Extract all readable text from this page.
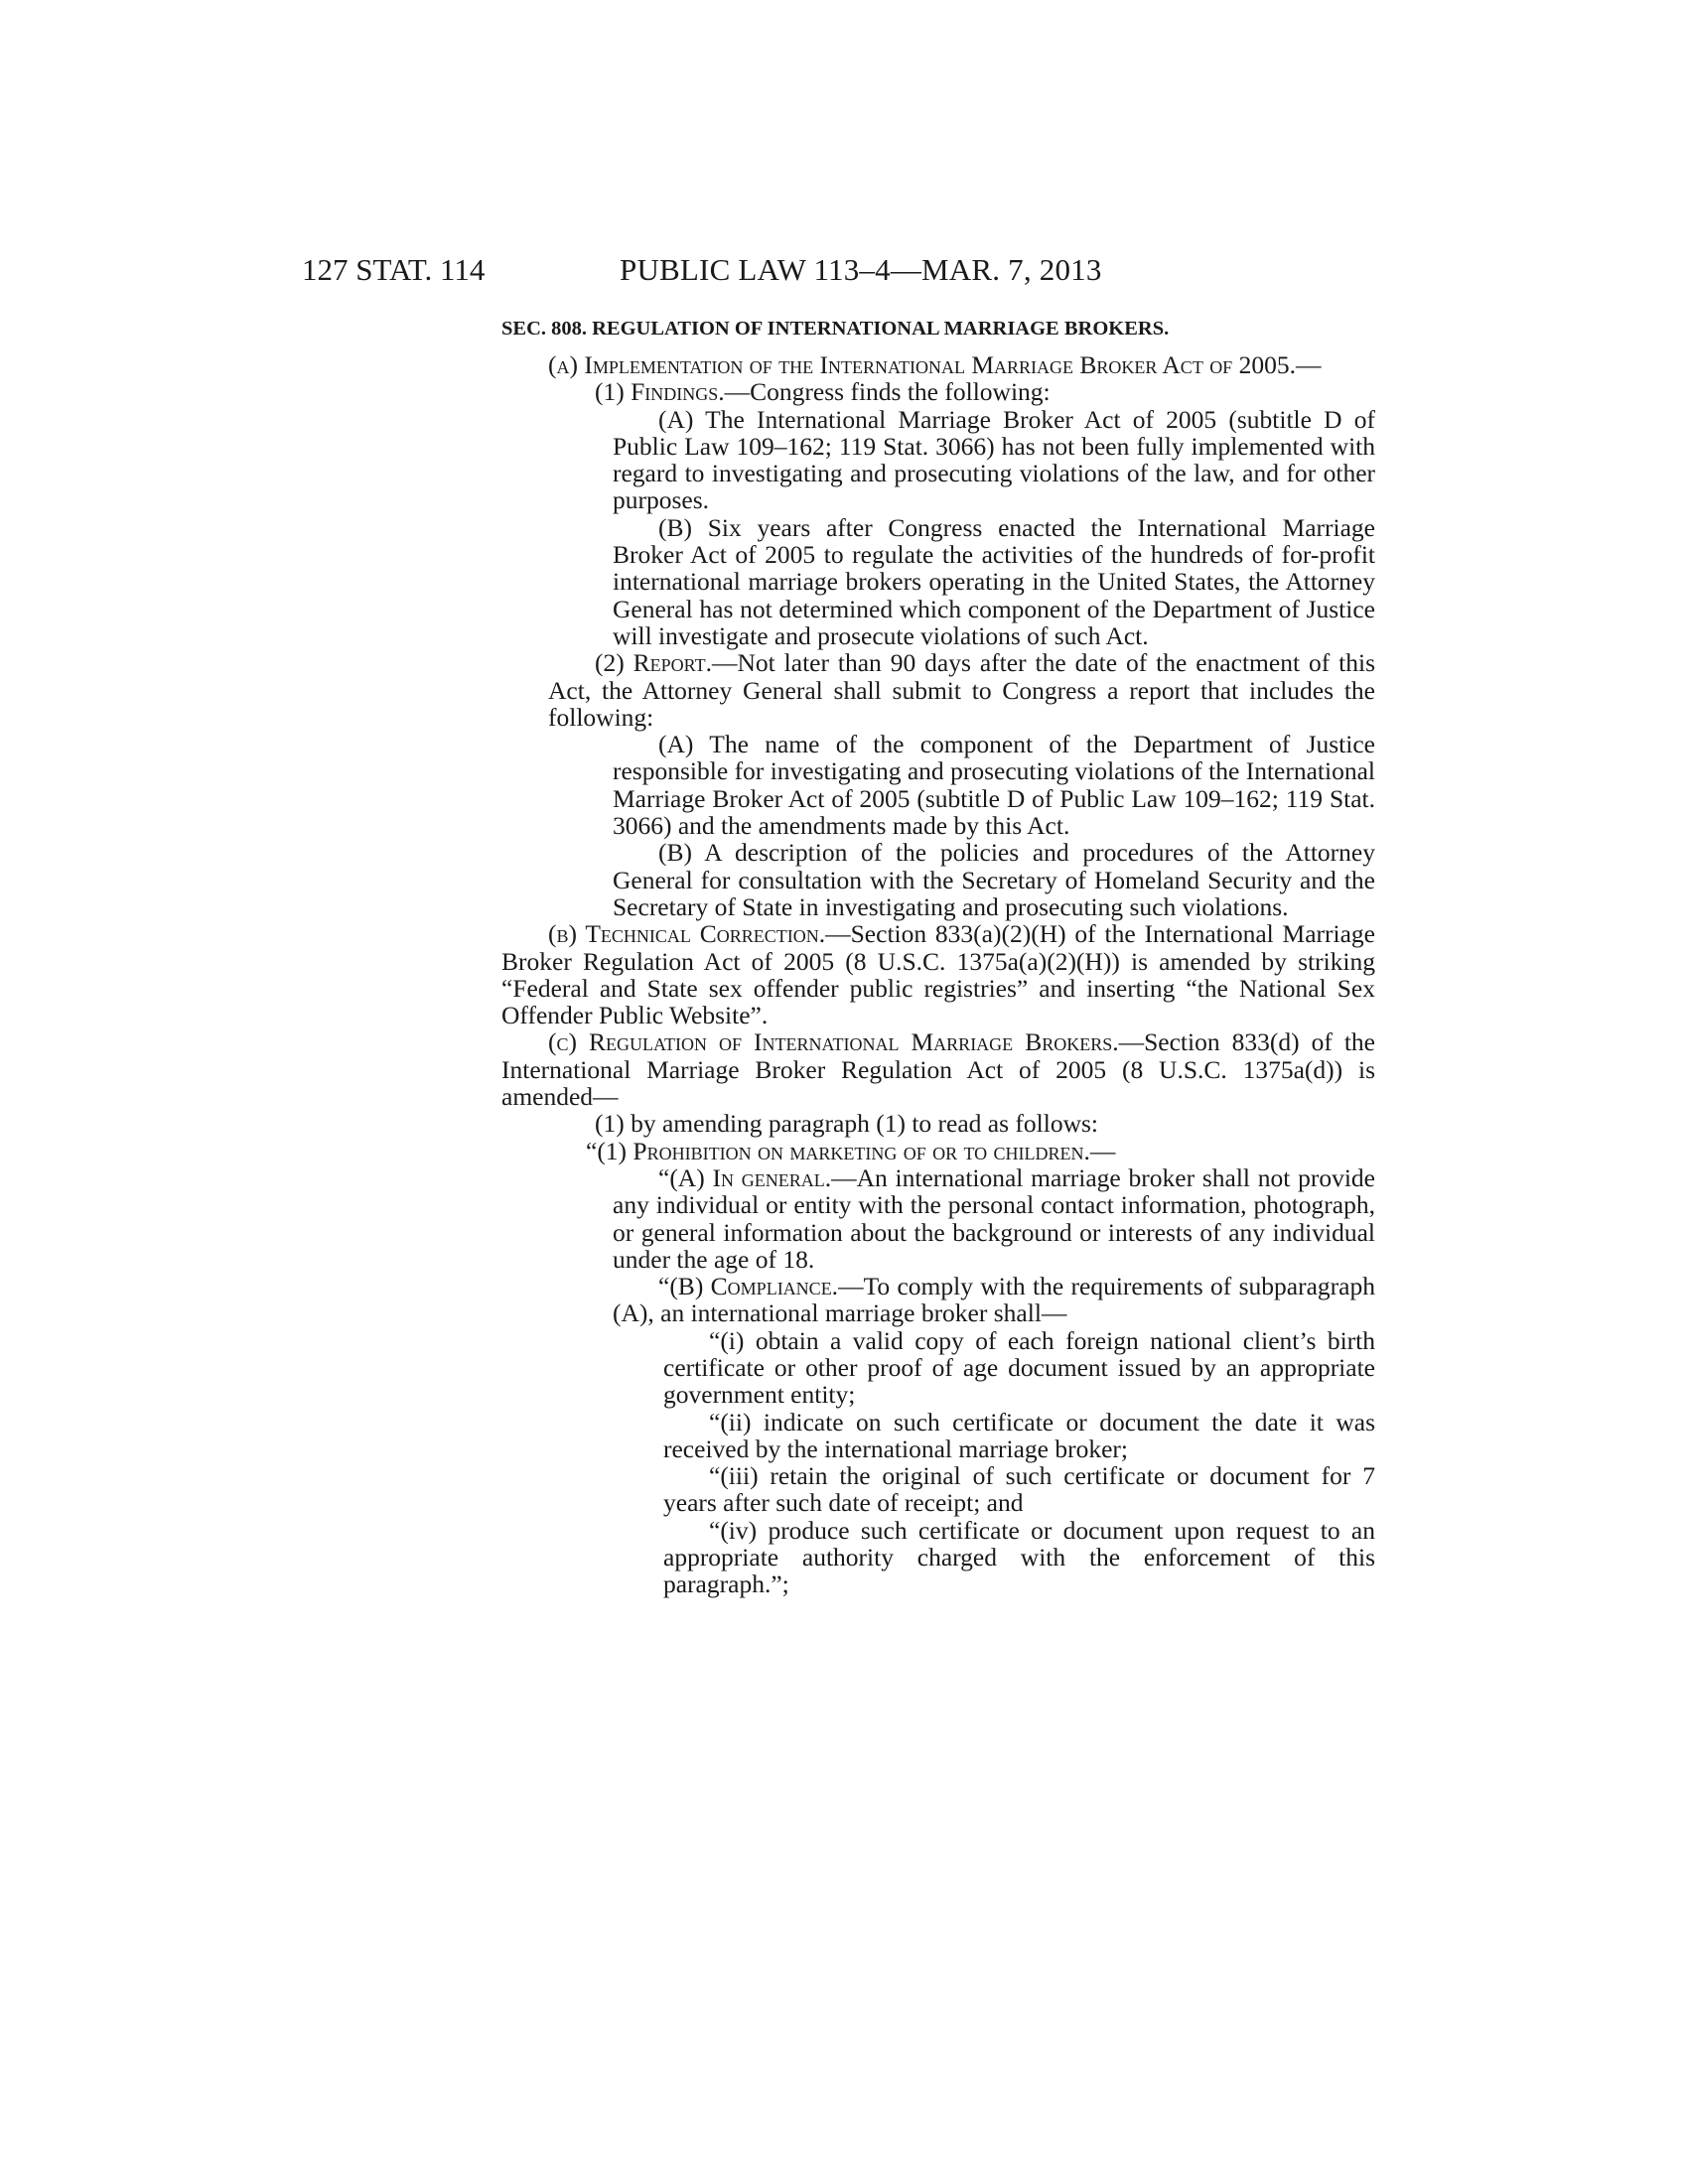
127 STAT. 114	PUBLIC LAW 113–4—MAR. 7, 2013
SEC. 808. REGULATION OF INTERNATIONAL MARRIAGE BROKERS.

(a) Implementation of the International Marriage Broker Act of 2005.—

(1) Findings.—Congress finds the following:

(A) The International Marriage Broker Act of 2005 (subtitle D of Public Law 109–162; 119 Stat. 3066) has not been fully implemented with regard to investigating and prosecuting violations of the law, and for other purposes.

(B) Six years after Congress enacted the International Marriage Broker Act of 2005 to regulate the activities of the hundreds of for-profit international marriage brokers operating in the United States, the Attorney General has not determined which component of the Department of Justice will investigate and prosecute violations of such Act.

(2) Report.—Not later than 90 days after the date of the enactment of this Act, the Attorney General shall submit to Congress a report that includes the following:

(A) The name of the component of the Department of Justice responsible for investigating and prosecuting violations of the International Marriage Broker Act of 2005 (subtitle D of Public Law 109–162; 119 Stat. 3066) and the amendments made by this Act.

(B) A description of the policies and procedures of the Attorney General for consultation with the Secretary of Homeland Security and the Secretary of State in investigating and prosecuting such violations.

(b) Technical Correction.—Section 833(a)(2)(H) of the International Marriage Broker Regulation Act of 2005 (8 U.S.C. 1375a(a)(2)(H)) is amended by striking “Federal and State sex offender public registries” and inserting “the National Sex Offender Public Website”.

(c) Regulation of International Marriage Brokers.—Section 833(d) of the International Marriage Broker Regulation Act of 2005 (8 U.S.C. 1375a(d)) is amended—

(1) by amending paragraph (1) to read as follows:

“(1) Prohibition on marketing of or to children.—

“(A) In general.—An international marriage broker shall not provide any individual or entity with the personal contact information, photograph, or general information about the background or interests of any individual under the age of 18.

“(B) Compliance.—To comply with the requirements of subparagraph (A), an international marriage broker shall—

“(i) obtain a valid copy of each foreign national client’s birth certificate or other proof of age document issued by an appropriate government entity;

“(ii) indicate on such certificate or document the date it was received by the international marriage broker;

“(iii) retain the original of such certificate or document for 7 years after such date of receipt; and

“(iv) produce such certificate or document upon request to an appropriate authority charged with the enforcement of this paragraph.”;
